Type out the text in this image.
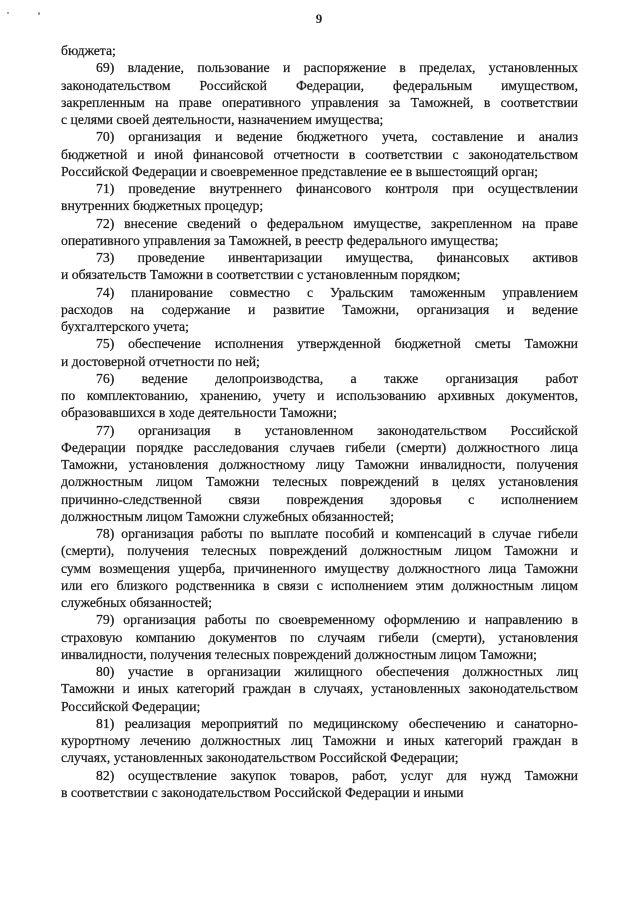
9
бюджета;
69) владение, пользование и распоряжение в пределах, установленных
законодательством Российской Федерации, федеральным имуществом,
закрепленным на праве оперативного управления за Таможней, в соответствии
с целями своей деятельности, назначением имущества;
70) организация и ведение бюджетного учета, составление и анализ
бюджетной и иной финансовой отчетности в соответствии с законодательством
Российской Федерации и своевременное представление ее в вышестоящий орган;
71) проведение внутреннего финансового контроля при осуществлении
внутренних бюджетных процедур;
72) внесение сведений о федеральном имуществе, закрепленном на праве
оперативного управления за Таможней, в реестр федерального имущества;
73) проведение инвентаризации имущества, финансовых активов
и обязательств Таможни в соответствии с установленным порядком;
74) планирование совместно с Уральским таможенным управлением
расходов на содержание и развитие Таможни, организация и ведение
бухгалтерского учета;
75) обеспечение исполнения утвержденной бюджетной сметы Таможни
и достоверной отчетности по ней;
76) ведение делопроизводства, а также организация работ
по комплектованию, хранению, учету и использованию архивных документов,
образовавшихся в ходе деятельности Таможни;
77) организация в установленном законодательством Российской
Федерации порядке расследования случаев гибели (смерти) должностного лица
Таможни, установления должностному лицу Таможни инвалидности, получения
должностным лицом Таможни телесных повреждений в целях установления
причинно-следственной связи повреждения здоровья с исполнением
должностным лицом Таможни служебных обязанностей;
78) организация работы по выплате пособий и компенсаций в случае гибели
(смерти), получения телесных повреждений должностным лицом Таможни и
сумм возмещения ущерба, причиненного имуществу должностного лица Таможни
или его близкого родственника в связи с исполнением этим должностным лицом
служебных обязанностей;
79) организация работы по своевременному оформлению и направлению в
страховую компанию документов по случаям гибели (смерти), установления
инвалидности, получения телесных повреждений должностным лицом Таможни;
80) участие в организации жилищного обеспечения должностных лиц
Таможни и иных категорий граждан в случаях, установленных законодательством
Российской Федерации;
81) реализация мероприятий по медицинскому обеспечению и санаторно-
курортному лечению должностных лиц Таможни и иных категорий граждан в
случаях, установленных законодательством Российской Федерации;
82) осуществление закупок товаров, работ, услуг для нужд Таможни
в соответствии с законодательством Российской Федерации и иными
